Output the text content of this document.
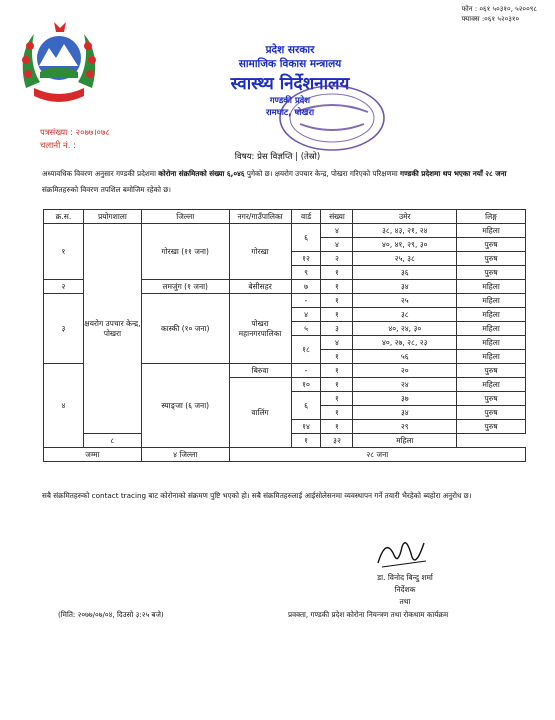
फोन : ०६१ ५०३१०, ५२००९८
फ्याक्स :०६१ ५२०३१०
प्रदेश सरकार
सामाजिक विकास मन्त्रालय
स्वास्थ्य निर्देशनालय
गण्डकी प्रदेश
रामघाट, पोखरा
पत्रसंख्या : २०७७।०७८
चलानी नं. :
विषय: प्रेस विज्ञप्ति | (तेस्रो)
अध्यावधिक विवरण अनुसार गण्डकी प्रदेशमा कोरोना संक्रमितको संख्या ६,०४६ पुगेको छ। क्षयरोग उपचार केन्द्र, पोखरा गरिएको परिक्षणमा गण्डकी प्रदेशमा थप भएका नयाँ २८ जना संक्रमितहरुको विवरण तपशिल बमोजिम रहेको छ।
क्र.स.	प्रयोगशाला	जिल्ला	नगर/गाउँपालिका	वार्ड	संख्या	उमेर	लिङ्ग
१	क्षयरोग उपचार केन्द्र, पोखरा	गोरखा (११ जना)	गोरखा	६	४	३८, ४३, २१, २४	महिला
					४	४०, ४१, २९, ३०	पुरुष
				१२	२	२५, ३८	पुरुष
				९	१	३६	पुरुष
२		लमजुंग (१ जना)	बेसीसहर	७	१	३४	महिला
३		कास्की (१० जना)	पोखरा महानगरपालिका	-	१	२५	महिला
				४	१	३८	महिला
				५	३	४०, २४, ३०	महिला
				१८	४	४०, २७, २८, २३	महिला
					१	५६	महिला
४		स्याङ्जा (६ जना)	बिरुवा	-	१	२०	पुरुष
			वालिंग	१०	१	२४	महिला
				६	१	३७	पुरुष
					१	३४	पुरुष
				१४	१	२९	पुरुष
	८			१	३२	महिला	
जम्मा		४ जिल्ला	२८ जना				
सबै संक्रमितहरुको contact tracing बाट कोरोनाको संक्रमण पुष्टि भएको हो। सबै संक्रमितहरुलाई आईसोलेसनमा व्यवस्थापन गर्ने तयारी भैरहेको ब्यहोरा अनुरोध छ।
डा. विनोद बिन्दु शर्मा
निर्देशक
तथा
(मिति: २०७७/०७/०४, दिउसो ३:२५ बजे)	प्रवक्ता, गण्डकी प्रदेश कोरोना नियन्त्रण तथा रोकथाम कार्यक्रम
